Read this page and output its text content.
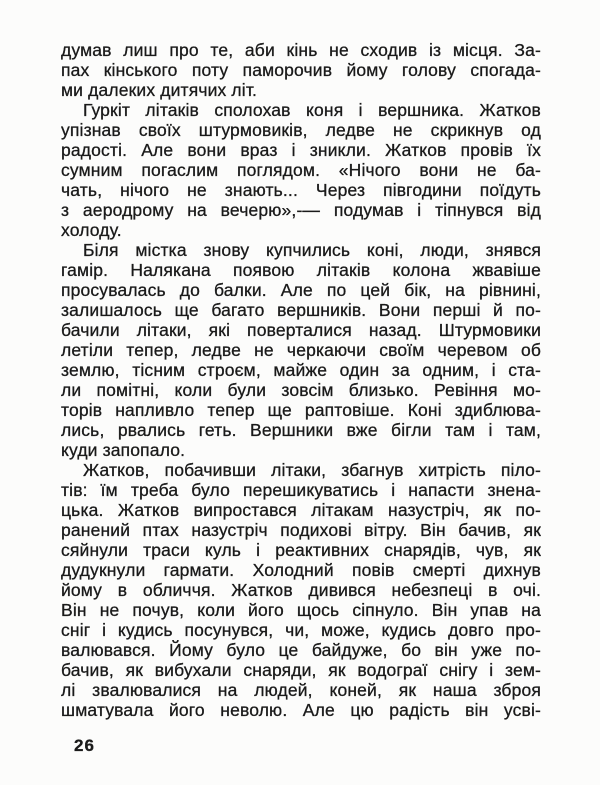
думав лиш про те, аби кінь не сходив із місця. За-
пах кінського поту паморочив йому голову спогада-
ми далеких дитячих літ.
Гуркіт літаків сполохав коня і вершника. Жатков
упізнав своїх штурмовиків, ледве не скрикнув од
радості. Але вони враз і зникли. Жатков провів їх
сумним погаслим поглядом. «Нічого вони не ба-
чать, нічого не знають... Через півгодини поїдуть
з аеродрому на вечерю»,-— подумав і тіпнувся від
холоду.
Біля містка знову купчились коні, люди, знявся
гамір. Налякана появою літаків колона жвавіше
просувалась до балки. Але по цей бік, на рівнині,
залишалось ще багато вершників. Вони перші й по-
бачили літаки, які поверталися назад. Штурмовики
летіли тепер, ледве не черкаючи своїм черевом об
землю, тісним строєм, майже один за одним, і ста-
ли помітні, коли були зовсім близько. Ревіння мо-
торів напливло тепер ще раптовіше. Коні здиблюва-
лись, рвались геть. Вершники вже бігли там і там,
куди запопало.
Жатков, побачивши літаки, збагнув хитрість піло-
тів: їм треба було перешикуватись і напасти знена-
цька. Жатков випростався літакам назустріч, як по-
ранений птах назустріч подихові вітру. Він бачив, як
сяйнули траси куль і реактивних снарядів, чув, як
дудукнули гармати. Холодний повів смерті дихнув
йому в обличчя. Жатков дивився небезпеці в очі.
Він не почув, коли його щось сіпнуло. Він упав на
сніг і кудись посунувся, чи, може, кудись довго про-
валювався. Йому було це байдуже, бо він уже по-
бачив, як вибухали снаряди, як водограї снігу і зем-
лі звалювалися на людей, коней, як наша зброя
шматувала його неволю. Але цю радість він усві-
26
